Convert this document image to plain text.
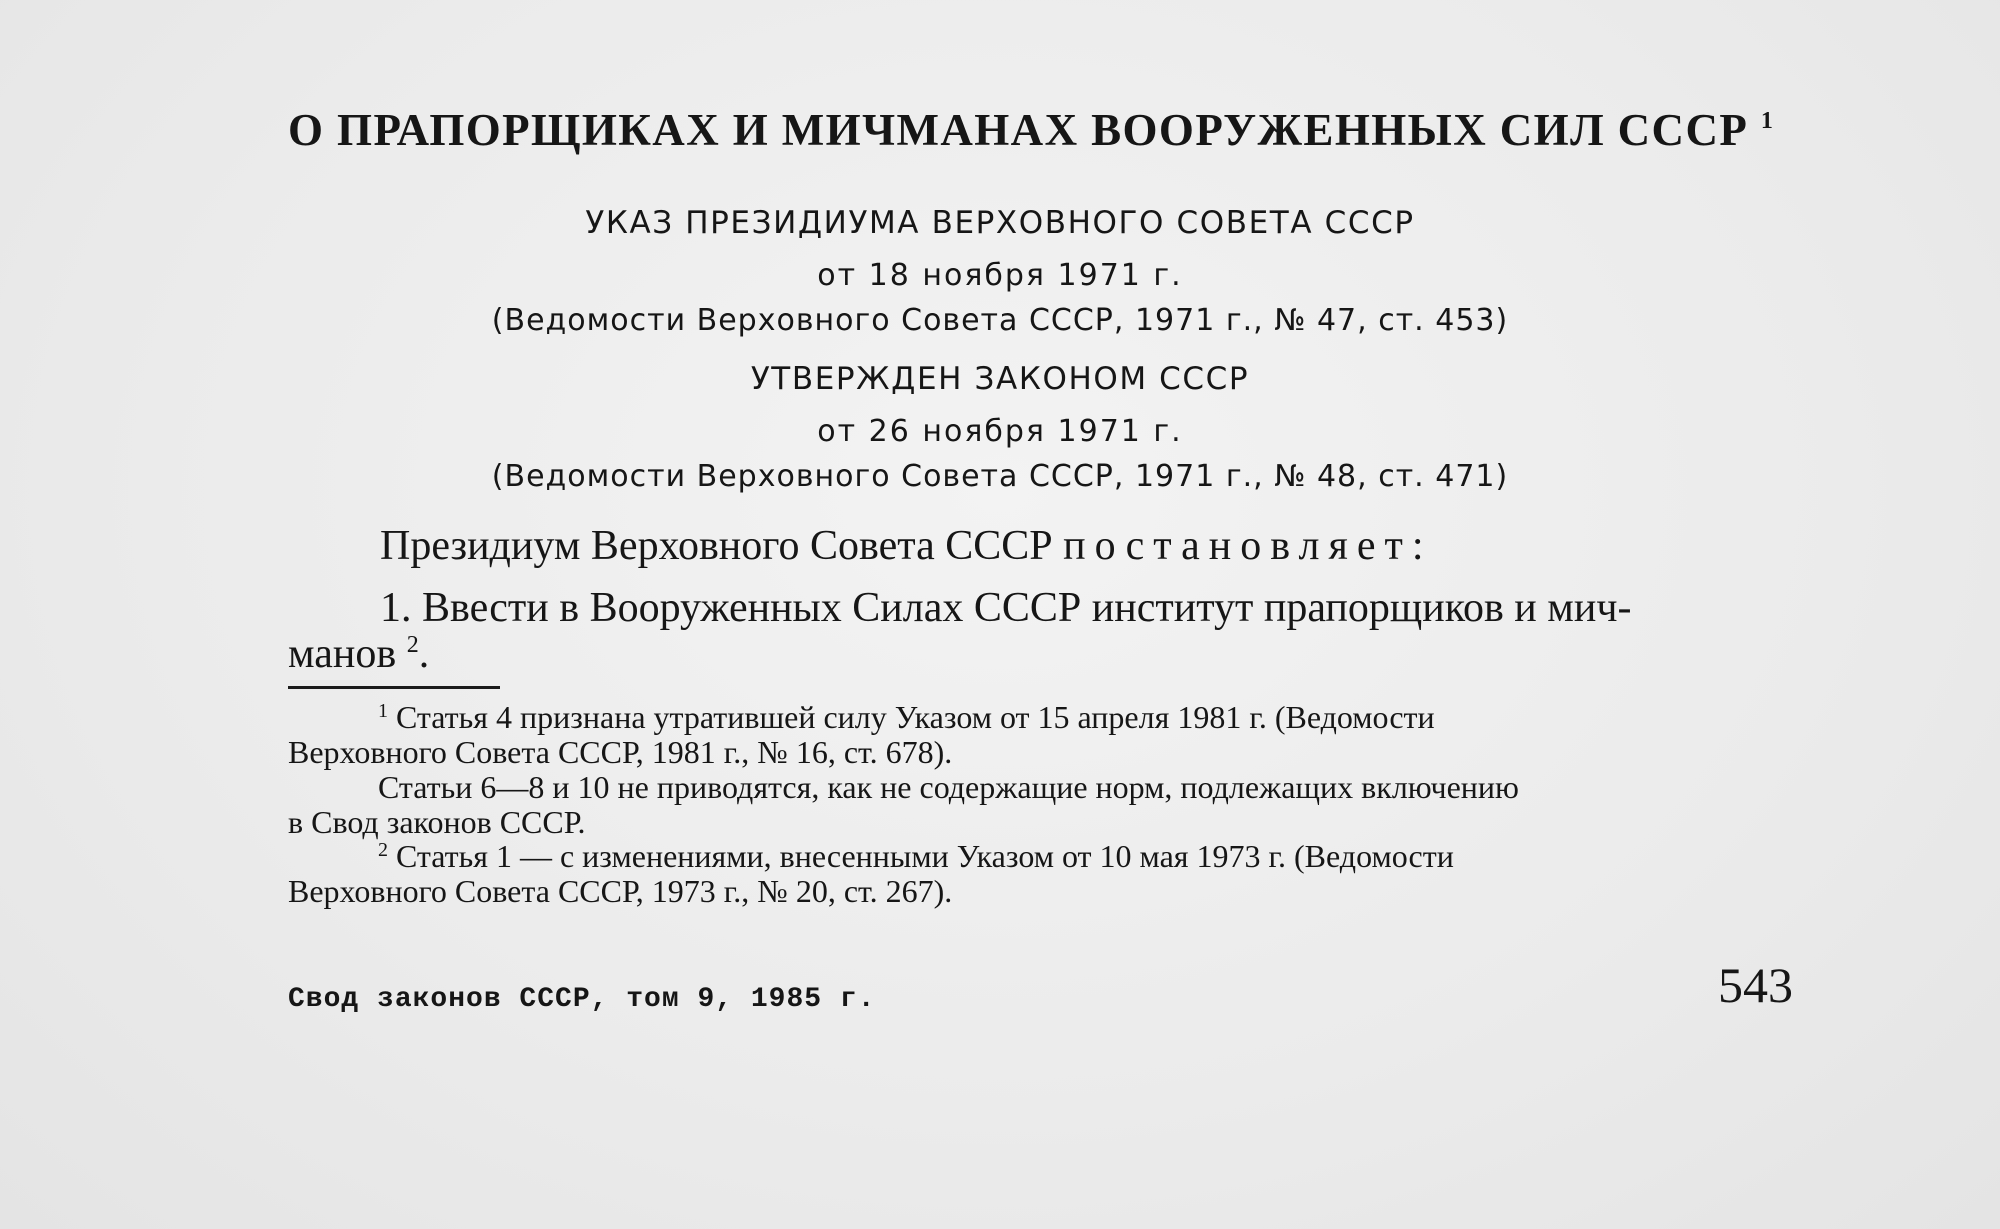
О ПРАПОРЩИКАХ И МИЧМАНАХ ВООРУЖЕННЫХ СИЛ СССР $^1$
УКАЗ ПРЕЗИДИУМА ВЕРХОВНОГО СОВЕТА СССР
от 18 ноября 1971 г.
(Ведомости Верховного Совета СССР, 1971 г., № 47, ст. 453)
УТВЕРЖДЕН ЗАКОНОМ СССР
от 26 ноября 1971 г.
(Ведомости Верховного Совета СССР, 1971 г., № 48, ст. 471)
Президиум Верховного Совета СССР постановляет:
1. Ввести в Вооруженных Силах СССР институт прапорщиков и мич-
манов $^2$.
$^1$ Статья 4 признана утратившей силу Указом от 15 апреля 1981 г. (Ведомости
Верховного Совета СССР, 1981 г., № 16, ст. 678).
Статьи 6—8 и 10 не приводятся, как не содержащие норм, подлежащих включению
в Свод законов СССР.
$^2$ Статья 1 — с изменениями, внесенными Указом от 10 мая 1973 г. (Ведомости
Верховного Совета СССР, 1973 г., № 20, ст. 267).
Свод законов СССР, том 9, 1985 г.	543
